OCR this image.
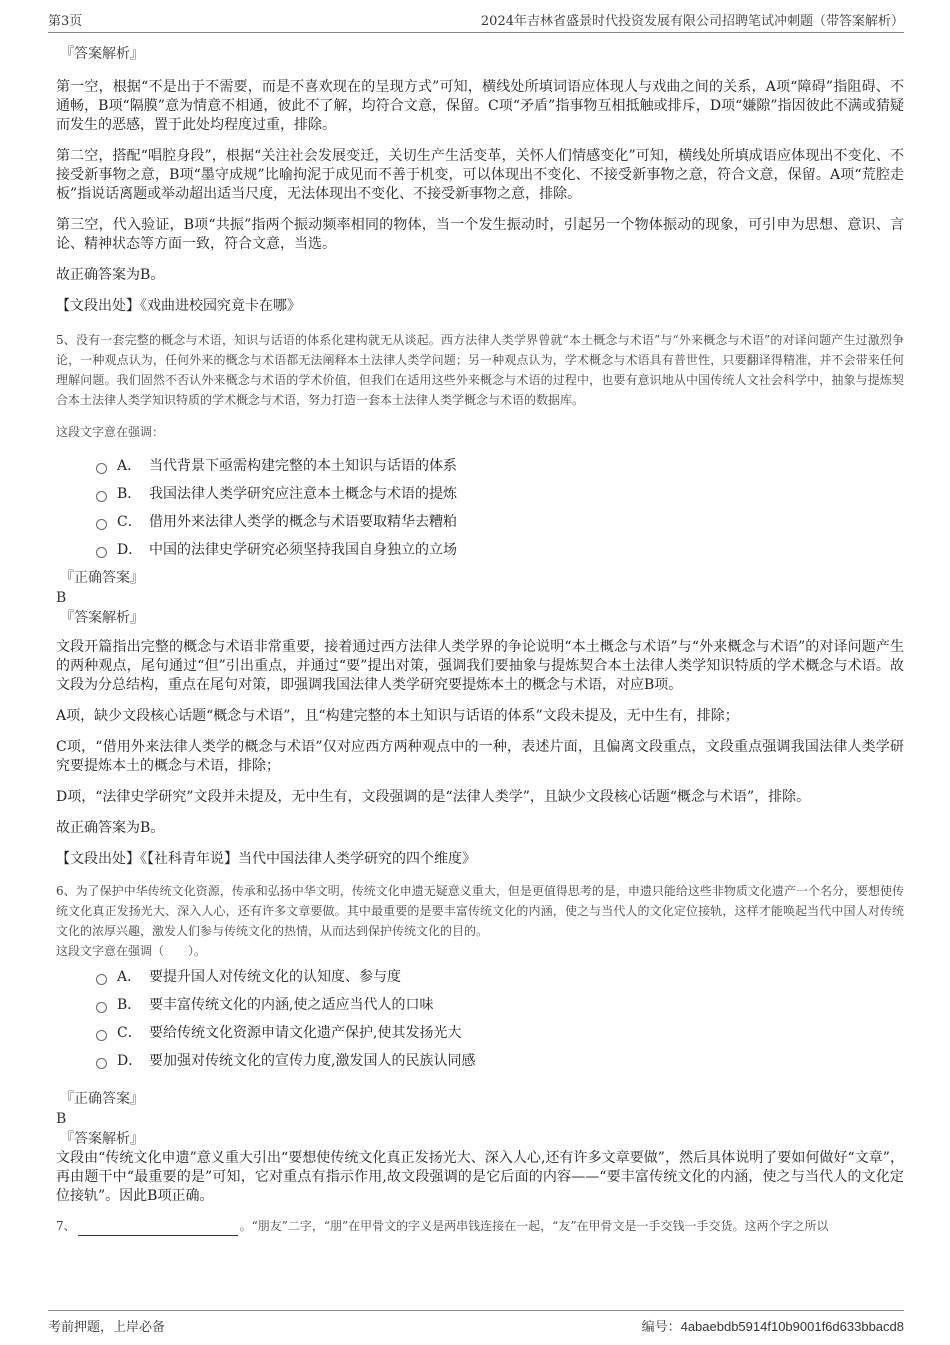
第3页	2024年吉林省盛景时代投资发展有限公司招聘笔试冲刺题（带答案解析）

『答案解析』

第一空，根据“不是出于不需要，而是不喜欢现在的呈现方式”可知，横线处所填词语应体现人与戏曲之间的关系，A项“障碍”指阻碍、不通畅，B项“隔膜”意为情意不相通，彼此不了解，均符合文意，保留。C项“矛盾”指事物互相抵触或排斥，D项“嫌隙”指因彼此不满或猜疑而发生的恶感，置于此处均程度过重，排除。

第二空，搭配“唱腔身段”，根据“关注社会发展变迁，关切生产生活变革，关怀人们情感变化”可知，横线处所填成语应体现出不变化、不接受新事物之意，B项“墨守成规”比喻拘泥于成见而不善于机变，可以体现出不变化、不接受新事物之意，符合文意，保留。A项“荒腔走板”指说话离题或举动超出适当尺度，无法体现出不变化、不接受新事物之意，排除。

第三空，代入验证，B项“共振”指两个振动频率相同的物体，当一个发生振动时，引起另一个物体振动的现象，可引申为思想、意识、言论、精神状态等方面一致，符合文意，当选。

故正确答案为B。

【文段出处】《戏曲进校园究竟卡在哪》

5、没有一套完整的概念与术语，知识与话语的体系化建构就无从谈起。西方法律人类学界曾就“本土概念与术语”与“外来概念与术语”的对译问题产生过激烈争论，一种观点认为，任何外来的概念与术语都无法阐释本土法律人类学问题；另一种观点认为，学术概念与术语具有普世性，只要翻译得精准，并不会带来任何理解问题。我们固然不否认外来概念与术语的学术价值，但我们在适用这些外来概念与术语的过程中，也要有意识地从中国传统人文社会科学中，抽象与提炼契合本土法律人类学知识特质的学术概念与术语，努力打造一套本土法律人类学概念与术语的数据库。

这段文字意在强调：

A． 当代背景下亟需构建完整的本土知识与话语的体系
B． 我国法律人类学研究应注意本土概念与术语的提炼
C． 借用外来法律人类学的概念与术语要取精华去糟粕
D． 中国的法律史学研究必须坚持我国自身独立的立场

『正确答案』

B

『答案解析』

文段开篇指出完整的概念与术语非常重要，接着通过西方法律人类学界的争论说明“本土概念与术语”与“外来概念与术语”的对译问题产生的两种观点，尾句通过“但”引出重点，并通过“要”提出对策，强调我们要抽象与提炼契合本土法律人类学知识特质的学术概念与术语。故文段为分总结构，重点在尾句对策，即强调我国法律人类学研究要提炼本土的概念与术语，对应B项。

A项，缺少文段核心话题“概念与术语”，且“构建完整的本土知识与话语的体系”文段未提及，无中生有，排除；

C项，“借用外来法律人类学的概念与术语”仅对应西方两种观点中的一种，表述片面，且偏离文段重点，文段重点强调我国法律人类学研究要提炼本土的概念与术语，排除；

D项，“法律史学研究”文段并未提及，无中生有，文段强调的是“法律人类学”，且缺少文段核心话题“概念与术语”，排除。

故正确答案为B。

【文段出处】《【社科青年说】当代中国法律人类学研究的四个维度》

6、为了保护中华传统文化资源，传承和弘扬中华文明，传统文化申遗无疑意义重大，但是更值得思考的是，申遗只能给这些非物质文化遗产一个名分，要想使传统文化真正发扬光大、深入人心，还有许多文章要做。其中最重要的是要丰富传统文化的内涵，使之与当代人的文化定位接轨，这样才能唤起当代中国人对传统文化的浓厚兴趣，激发人们参与传统文化的热情，从而达到保护传统文化的目的。

这段文字意在强调（　　）。

A． 要提升国人对传统文化的认知度、参与度
B． 要丰富传统文化的内涵,使之适应当代人的口味
C． 要给传统文化资源申请文化遗产保护,使其发扬光大
D． 要加强对传统文化的宣传力度,激发国人的民族认同感

『正确答案』

B

『答案解析』

文段由“传统文化申遗”意义重大引出“要想使传统文化真正发扬光大、深入人心,还有许多文章要做”，然后具体说明了要如何做好“文章”，再由题干中“最重要的是”可知，它对重点有指示作用,故文段强调的是它后面的内容——“要丰富传统文化的内涵，使之与当代人的文化定位接轨”。因此B项正确。

7、	。“朋友”二字，“朋”在甲骨文的字义是两串钱连接在一起，“友”在甲骨文是一手交钱一手交货。这两个字之所以

考前押题，上岸必备	编号：4abaebdb5914f10b9001f6d633bbacd8
